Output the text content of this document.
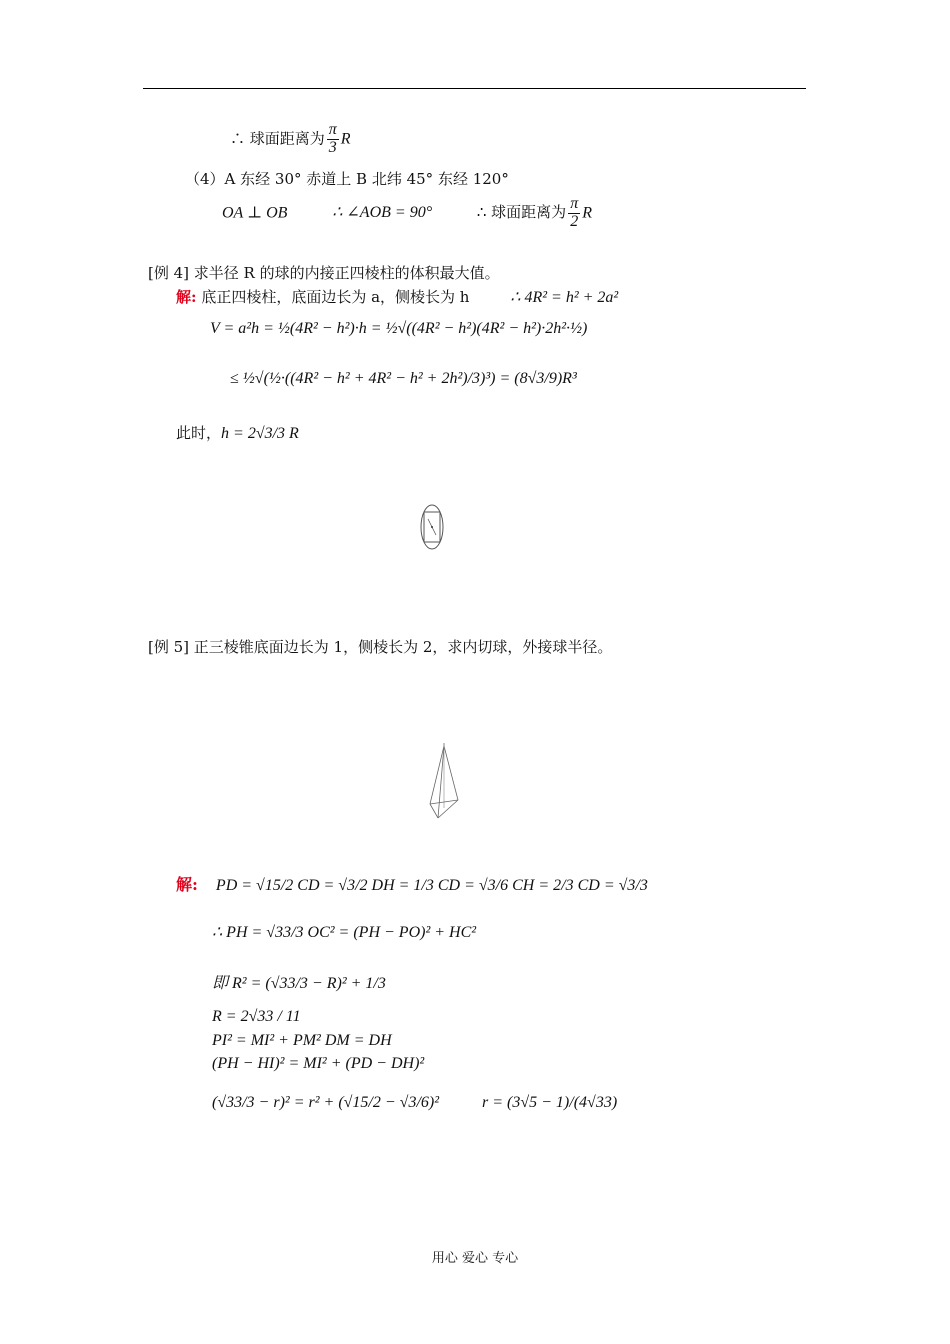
∴ 球面距离为 $\frac{\pi}{3}$ R
（4）A 东经 30° 赤道上 B 北纬 45° 东经 120°
OA ⊥ OB	∴ ∠AOB = 90°	∴ 球面距离为 $\frac{\pi}{2}$ R
[例 4] 求半径 R 的球的内接正四棱柱的体积最大值。
解: 底正四棱柱，底面边长为 a，侧棱长为 h	∴ 4R² = h² + 2a²
V = a²h = ½(4R² − h²)·h = ½√((4R² − h²)(4R² − h²)·2h²·½)
≤ ½√(½·((4R² − h² + 4R² − h² + 2h²)/3)³) = (8√3/9)R³
此时，h = 2√3/3 R
[例 5] 正三棱锥底面边长为 1，侧棱长为 2，求内切球，外接球半径。
解: PD = √15/2 CD = √3/2 DH = 1/3 CD = √3/6 CH = 2/3 CD = √3/3
∴ PH = √33/3 OC² = (PH − PO)² + HC²
即 R² = (√33/3 − R)² + 1/3
R = 2√33 / 11
PI² = MI² + PM² DM = DH
(PH − HI)² = MI² + (PD − DH)²
(√33/3 − r)² = r² + (√15/2 − √3/6)²	r = (3√5 − 1)/(4√33)
用心 爱心 专心
